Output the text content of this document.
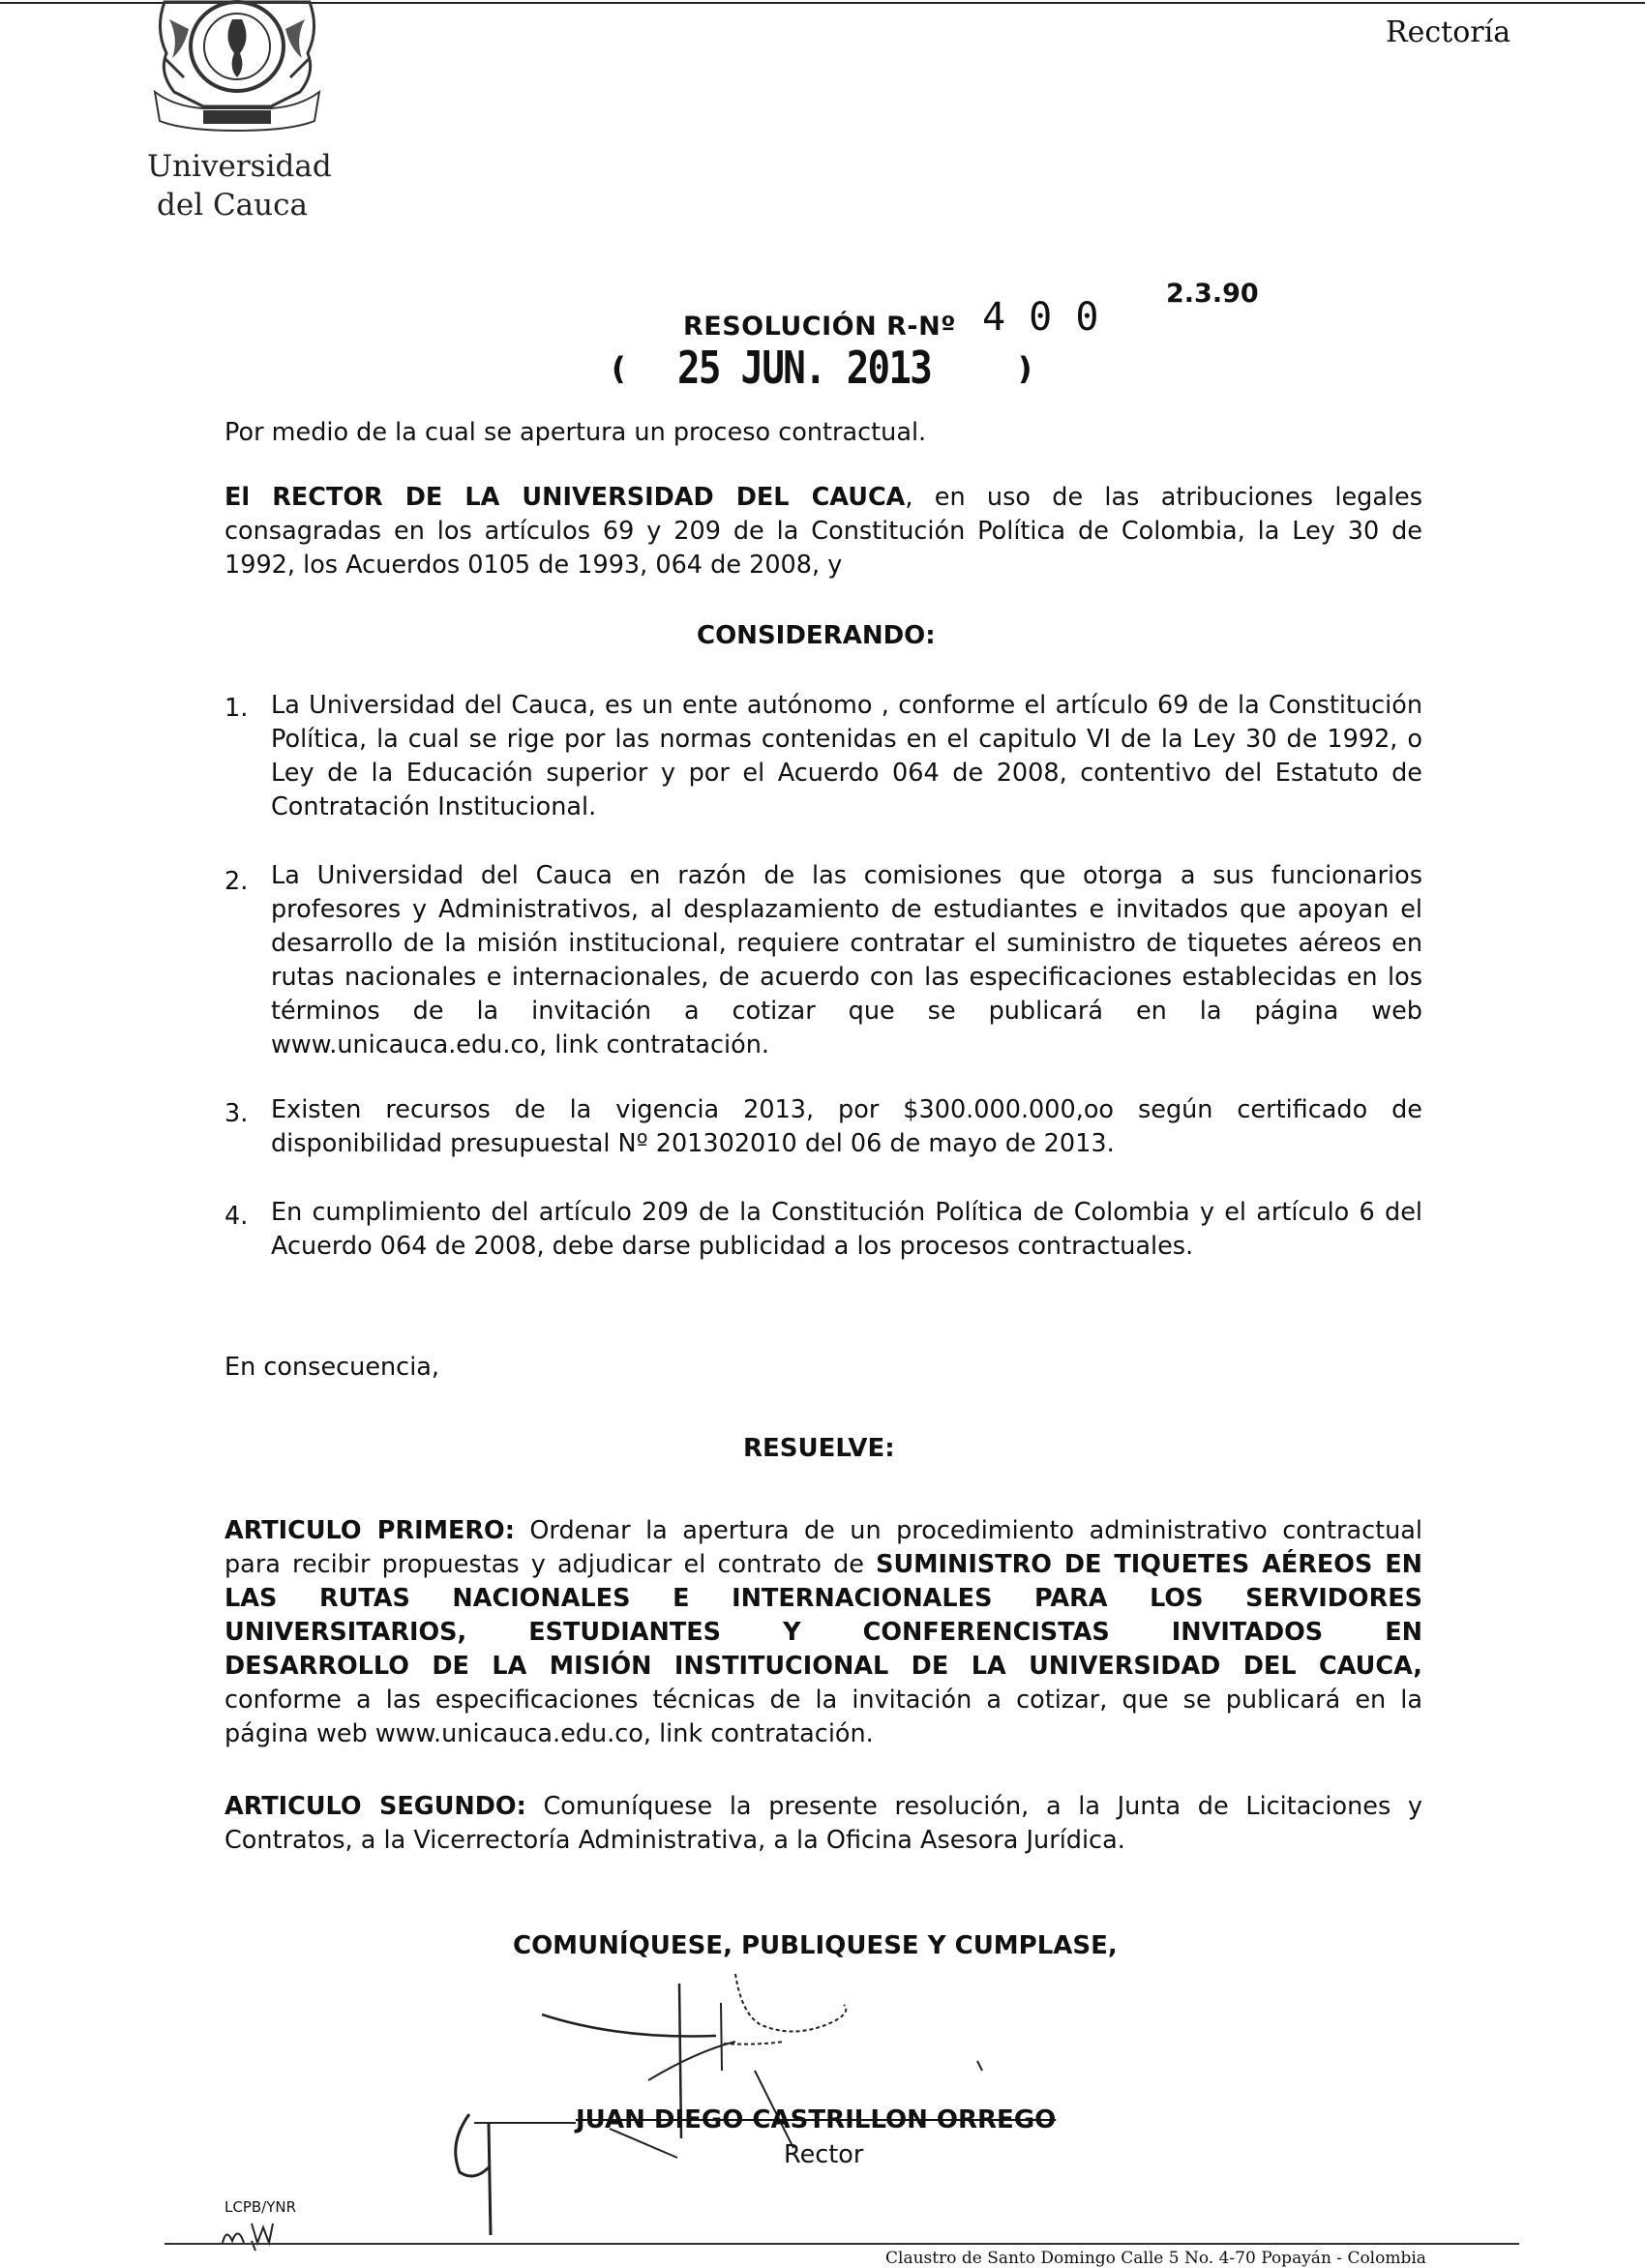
Universidad
del Cauca
Rectoría
2.3.90
RESOLUCIÓN R-Nº 4 0 0
( 25 JUN. 2013	)
Por medio de la cual se apertura un proceso contractual.
El RECTOR DE LA UNIVERSIDAD DEL CAUCA, en uso de las atribuciones legales
consagradas en los artículos 69 y 209 de la Constitución Política de Colombia, la Ley 30 de
1992, los Acuerdos 0105 de 1993, 064 de 2008, y
CONSIDERANDO:
1. La Universidad del Cauca, es un ente autónomo , conforme el artículo 69 de la Constitución
Política, la cual se rige por las normas contenidas en el capitulo VI de la Ley 30 de 1992, o
Ley de la Educación superior y por el Acuerdo 064 de 2008, contentivo del Estatuto de
Contratación Institucional.
2. La Universidad del Cauca en razón de las comisiones que otorga a sus funcionarios
profesores y Administrativos, al desplazamiento de estudiantes e invitados que apoyan el
desarrollo de la misión institucional, requiere contratar el suministro de tiquetes aéreos en
rutas nacionales e internacionales, de acuerdo con las especificaciones establecidas en los
términos de la invitación a cotizar que se publicará en la página web
www.unicauca.edu.co, link contratación.
3. Existen recursos de la vigencia 2013, por $300.000.000,oo según certificado de
disponibilidad presupuestal Nº 201302010 del 06 de mayo de 2013.
4. En cumplimiento del artículo 209 de la Constitución Política de Colombia y el artículo 6 del
Acuerdo 064 de 2008, debe darse publicidad a los procesos contractuales.
En consecuencia,
RESUELVE:
ARTICULO PRIMERO: Ordenar la apertura de un procedimiento administrativo contractual
para recibir propuestas y adjudicar el contrato de SUMINISTRO DE TIQUETES AÉREOS EN
LAS RUTAS NACIONALES E INTERNACIONALES PARA LOS SERVIDORES
UNIVERSITARIOS, ESTUDIANTES Y CONFERENCISTAS INVITADOS EN
DESARROLLO DE LA MISIÓN INSTITUCIONAL DE LA UNIVERSIDAD DEL CAUCA,
conforme a las especificaciones técnicas de la invitación a cotizar, que se publicará en la
página web www.unicauca.edu.co, link contratación.
ARTICULO SEGUNDO: Comuníquese la presente resolución, a la Junta de Licitaciones y
Contratos, a la Vicerrectoría Administrativa, a la Oficina Asesora Jurídica.
COMUNÍQUESE, PUBLIQUESE Y CUMPLASE,
JUAN DIEGO CASTRILLON ORREGO
Rector
LCPB/YNR
Claustro de Santo Domingo Calle 5 No. 4-70 Popayán - Colombia
